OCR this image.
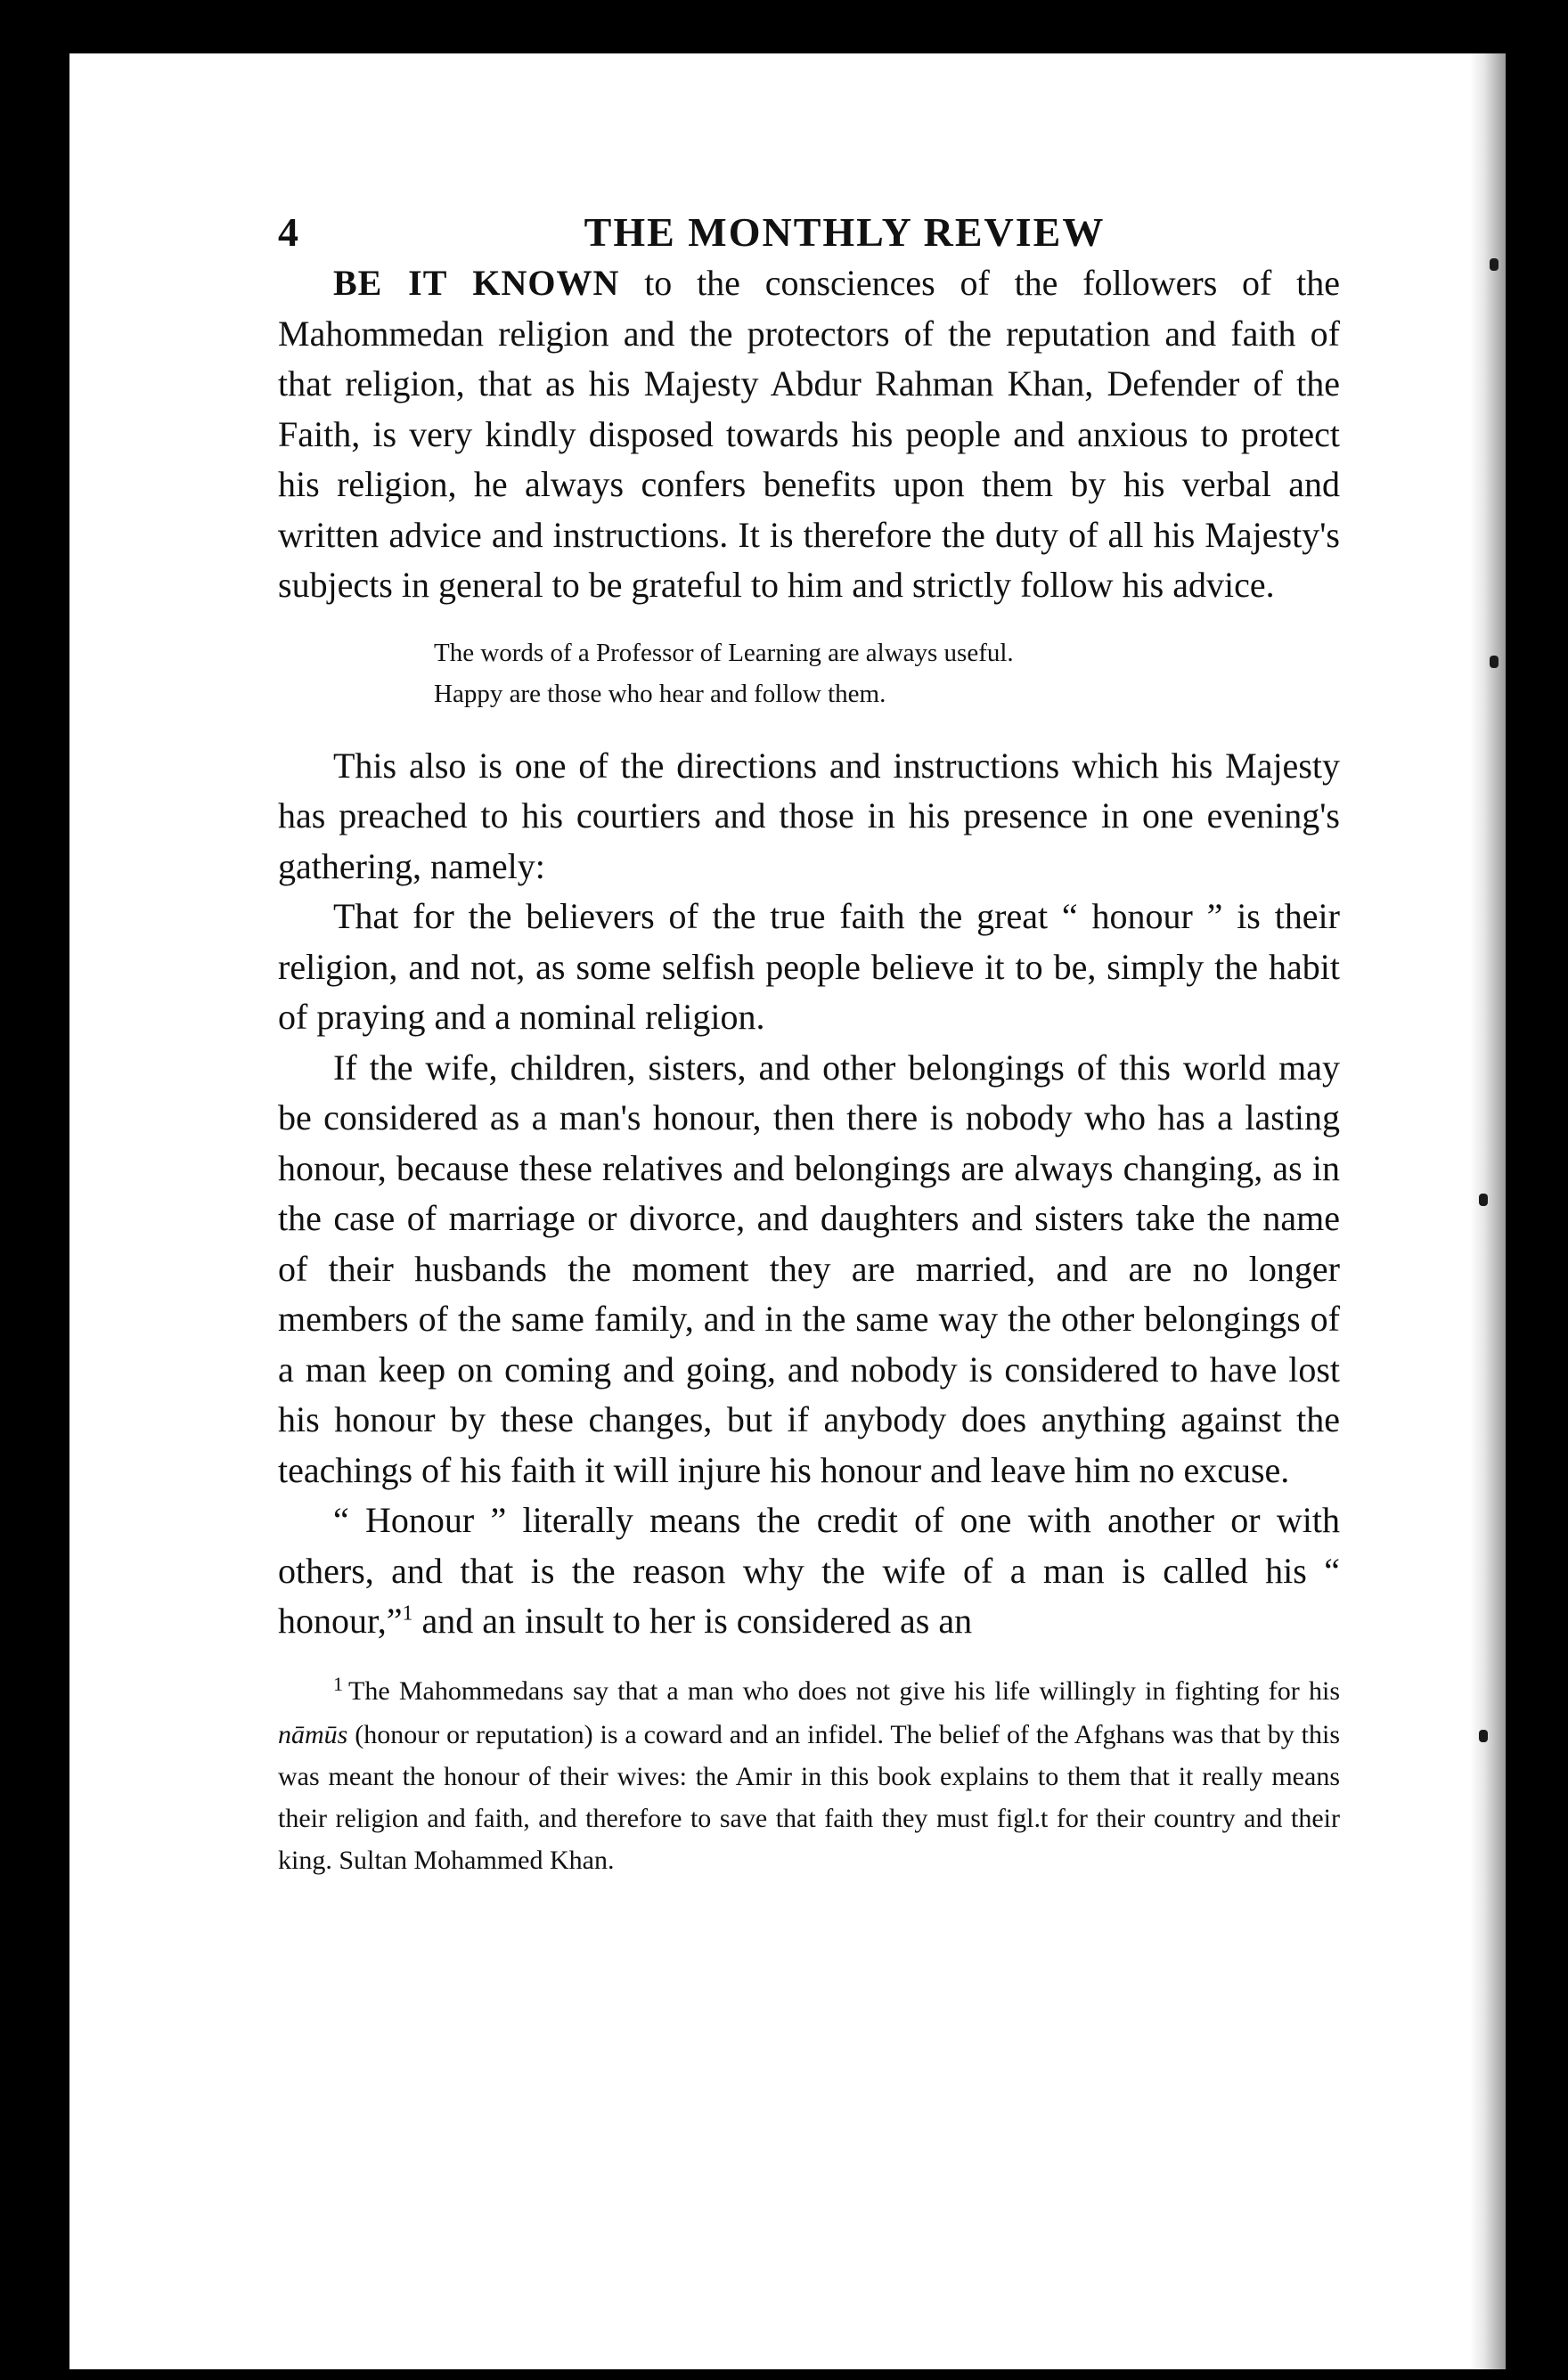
4	THE MONTHLY REVIEW

BE IT KNOWN to the consciences of the followers of the Mahommedan religion and the protectors of the reputation and faith of that religion, that as his Majesty Abdur Rahman Khan, Defender of the Faith, is very kindly disposed towards his people and anxious to protect his religion, he always confers benefits upon them by his verbal and written advice and instructions. It is therefore the duty of all his Majesty's subjects in general to be grateful to him and strictly follow his advice.

The words of a Professor of Learning are always useful.
Happy are those who hear and follow them.

This also is one of the directions and instructions which his Majesty has preached to his courtiers and those in his presence in one evening's gathering, namely:

That for the believers of the true faith the great “ honour ” is their religion, and not, as some selfish people believe it to be, simply the habit of praying and a nominal religion.

If the wife, children, sisters, and other belongings of this world may be considered as a man's honour, then there is nobody who has a lasting honour, because these relatives and belongings are always changing, as in the case of marriage or divorce, and daughters and sisters take the name of their husbands the moment they are married, and are no longer members of the same family, and in the same way the other belongings of a man keep on coming and going, and nobody is considered to have lost his honour by these changes, but if anybody does anything against the teachings of his faith it will injure his honour and leave him no excuse.

“ Honour ” literally means the credit of one with another or with others, and that is the reason why the wife of a man is called his “ honour,”$^1$ and an insult to her is considered as an

$^1$ The Mahommedans say that a man who does not give his life willingly in fighting for his nāmūs (honour or reputation) is a coward and an infidel. The belief of the Afghans was that by this was meant the honour of their wives: the Amir in this book explains to them that it really means their religion and faith, and therefore to save that faith they must figl.t for their country and their king. Sultan Mohammed Khan.
